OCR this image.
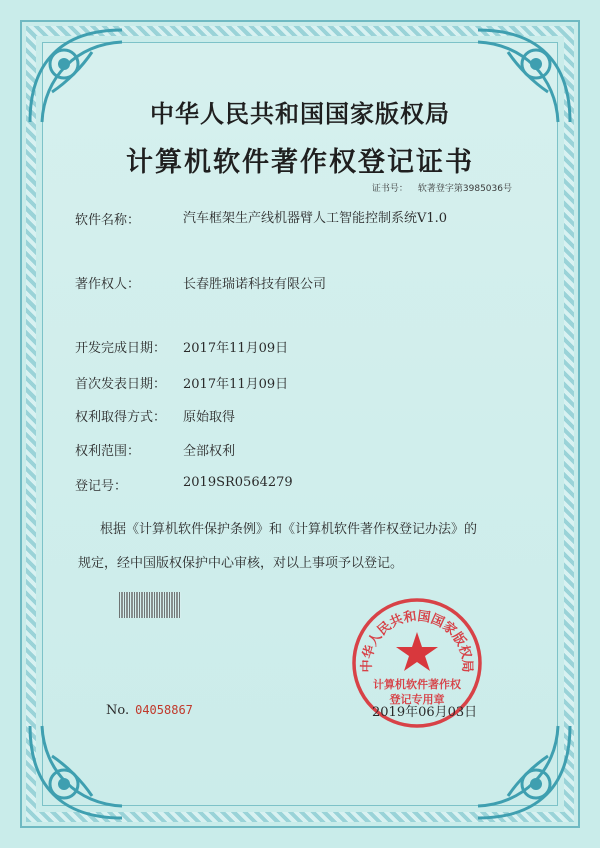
中华人民共和国国家版权局
计算机软件著作权登记证书
证书号： 软著登字第3985036号
软件名称：	汽车框架生产线机器臂人工智能控制系统V1.0
著作权人：	长春胜瑞诺科技有限公司
开发完成日期： 2017年11月09日
首次发表日期： 2017年11月09日
权利取得方式： 原始取得
权利范围：	全部权利
登记号：	2019SR0564279
根据《计算机软件保护条例》和《计算机软件著作权登记办法》的
规定，经中国版权保护中心审核，对以上事项予以登记。
中华人民共和国国家版权局
计算机软件著作权
登记专用章
No. 04058867	2019年06月03日
